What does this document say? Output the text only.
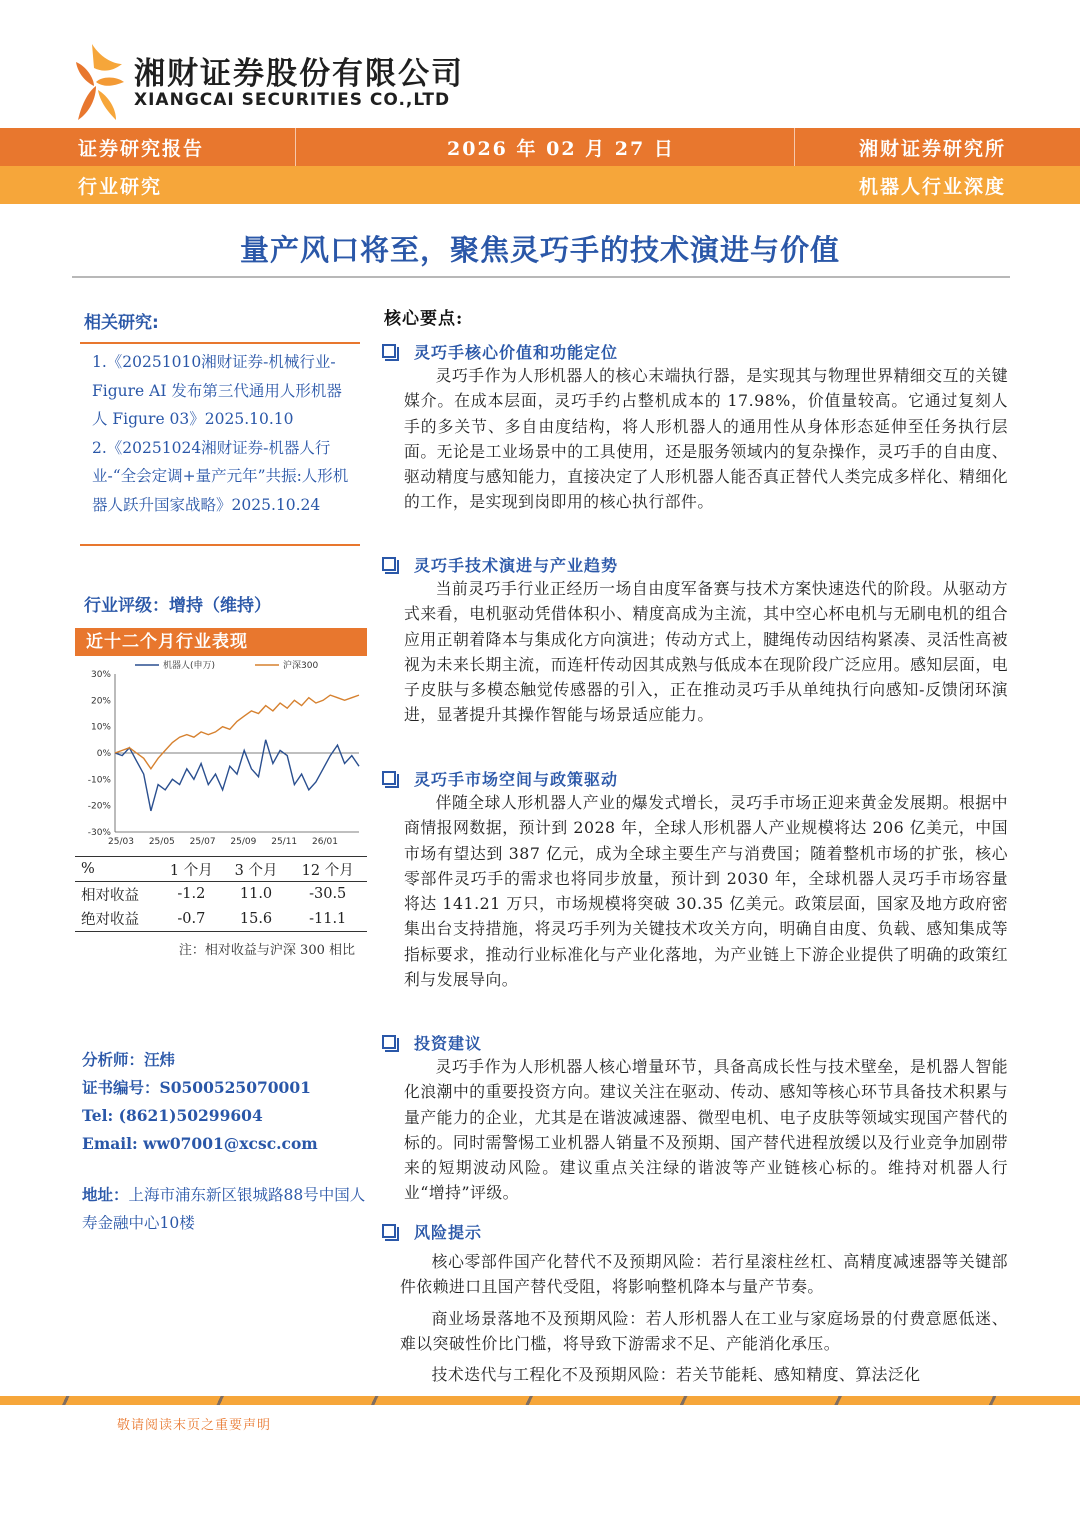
湘财证券股份有限公司
XIANGCAI SECURITIES CO.,LTD
证券研究报告	2026 年 02 月 27 日	湘财证券研究所
行业研究	机器人行业深度
量产风口将至，聚焦灵巧手的技术演进与价值
相关研究:
1.《20251010湘财证券-机械行业-Figure AI 发布第三代通用人形机器人 Figure 03》2025.10.10
2.《20251024湘财证券-机器人行业-“全会定调+量产元年”共振:人形机器人跃升国家战略》2025.10.24
行业评级：增持（维持）
近十二个月行业表现
30%
20%
10%
0%
-10%
-20%
-30%
25/03 25/05 25/07 25/09 25/11 26/01
机器人(申万)	沪深300
%	1 个月	3 个月	12 个月
相对收益	-1.2	11.0	-30.5
绝对收益	-0.7	15.6	-11.1
注：相对收益与沪深 300 相比
分析师：汪炜
证书编号：S0500525070001
Tel: (8621)50299604
Email: ww07001@xcsc.com
地址：上海市浦东新区银城路88号中国人寿金融中心10楼
核心要点:
灵巧手核心价值和功能定位

灵巧手作为人形机器人的核心末端执行器，是实现其与物理世界精细交互的关键媒介。在成本层面，灵巧手约占整机成本的 17.98%，价值量较高。它通过复刻人手的多关节、多自由度结构，将人形机器人的通用性从身体形态延伸至任务执行层面。无论是工业场景中的工具使用，还是服务领域内的复杂操作，灵巧手的自由度、驱动精度与感知能力，直接决定了人形机器人能否真正替代人类完成多样化、精细化的工作，是实现到岗即用的核心执行部件。

灵巧手技术演进与产业趋势

当前灵巧手行业正经历一场自由度军备赛与技术方案快速迭代的阶段。从驱动方式来看，电机驱动凭借体积小、精度高成为主流，其中空心杯电机与无刷电机的组合应用正朝着降本与集成化方向演进；传动方式上，腱绳传动因结构紧凑、灵活性高被视为未来长期主流，而连杆传动因其成熟与低成本在现阶段广泛应用。感知层面，电子皮肤与多模态触觉传感器的引入，正在推动灵巧手从单纯执行向感知-反馈闭环演进，显著提升其操作智能与场景适应能力。

灵巧手市场空间与政策驱动

伴随全球人形机器人产业的爆发式增长，灵巧手市场正迎来黄金发展期。根据中商情报网数据，预计到 2028 年，全球人形机器人产业规模将达 206 亿美元，中国市场有望达到 387 亿元，成为全球主要生产与消费国；随着整机市场的扩张，核心零部件灵巧手的需求也将同步放量，预计到 2030 年，全球机器人灵巧手市场容量将达 141.21 万只，市场规模将突破 30.35 亿美元。政策层面，国家及地方政府密集出台支持措施，将灵巧手列为关键技术攻关方向，明确自由度、负载、感知集成等指标要求，推动行业标准化与产业化落地，为产业链上下游企业提供了明确的政策红利与发展导向。

投资建议

灵巧手作为人形机器人核心增量环节，具备高成长性与技术壁垒，是机器人智能化浪潮中的重要投资方向。建议关注在驱动、传动、感知等核心环节具备技术积累与量产能力的企业，尤其是在谐波减速器、微型电机、电子皮肤等领域实现国产替代的标的。同时需警惕工业机器人销量不及预期、国产替代进程放缓以及行业竞争加剧带来的短期波动风险。建议重点关注绿的谐波等产业链核心标的。维持对机器人行业“增持”评级。

风险提示

核心零部件国产化替代不及预期风险：若行星滚柱丝杠、高精度减速器等关键部件依赖进口且国产替代受阻，将影响整机降本与量产节奏。

商业场景落地不及预期风险：若人形机器人在工业与家庭场景的付费意愿低迷、难以突破性价比门槛，将导致下游需求不足、产能消化承压。

技术迭代与工程化不及预期风险：若关节能耗、感知精度、算法泛化

敬请阅读末页之重要声明
